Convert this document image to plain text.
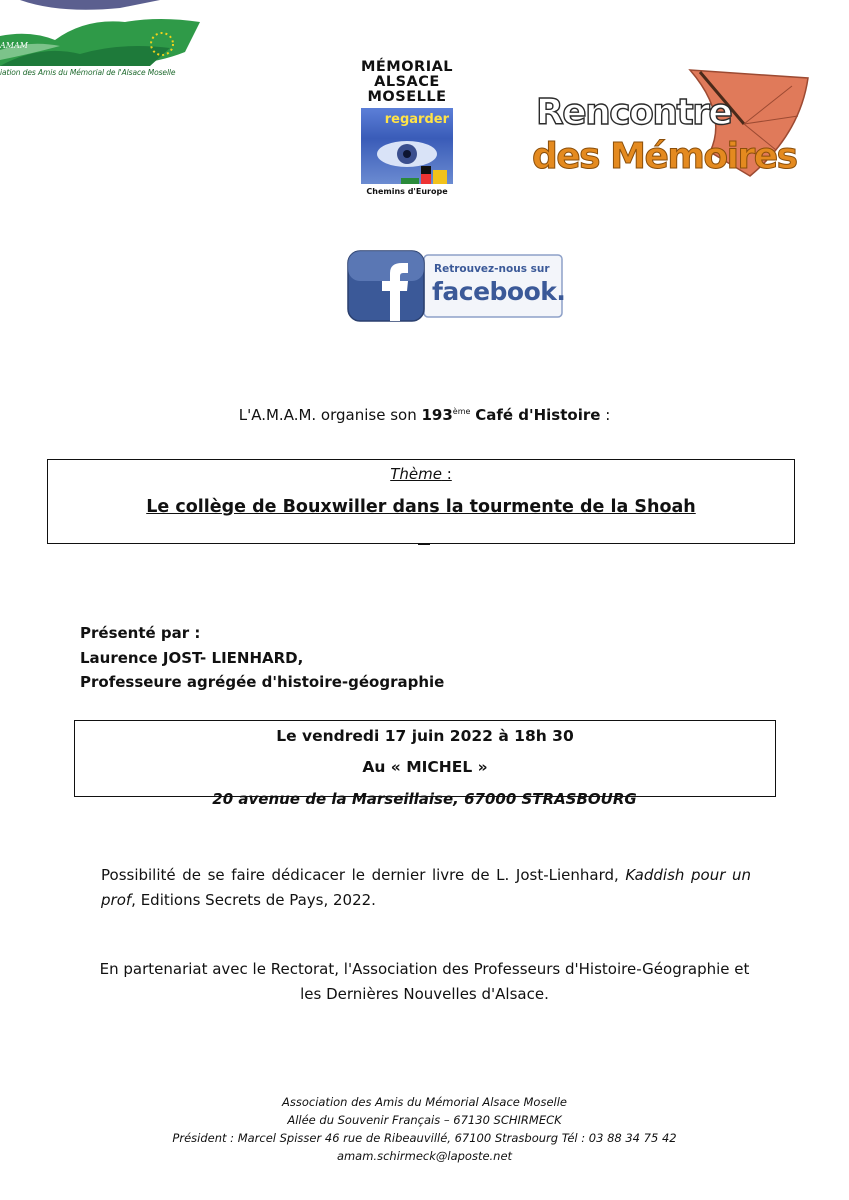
AMAM
iation des Amis du Mémorial de l'Alsace Moselle	MÉMORIAL
ALSACE
MOSELLE
regarder
Chemins d'Europe
Rencontre
des Mémoires
Retrouvez-nous sur
facebook.
L'A.M.A.M. organise son 193ème Café d'Histoire :
Thème :
Le collège de Bouxwiller dans la tourmente de la Shoah
Présenté par :
Laurence JOST- LIENHARD,
Professeure agrégée d'histoire-géographie
Le vendredi 17 juin 2022 à 18h 30
Au « MICHEL »
20 avenue de la Marseillaise, 67000 STRASBOURG
Possibilité de se faire dédicacer le dernier livre de L. Jost-Lienhard, Kaddish pour un prof, Editions Secrets de Pays, 2022.
En partenariat avec le Rectorat, l'Association des Professeurs d'Histoire-Géographie et
les Dernières Nouvelles d'Alsace.
Association des Amis du Mémorial Alsace Moselle
Allée du Souvenir Français – 67130 SCHIRMECK
Président : Marcel Spisser 46 rue de Ribeauvillé, 67100 Strasbourg Tél : 03 88 34 75 42
amam.schirmeck@laposte.net
